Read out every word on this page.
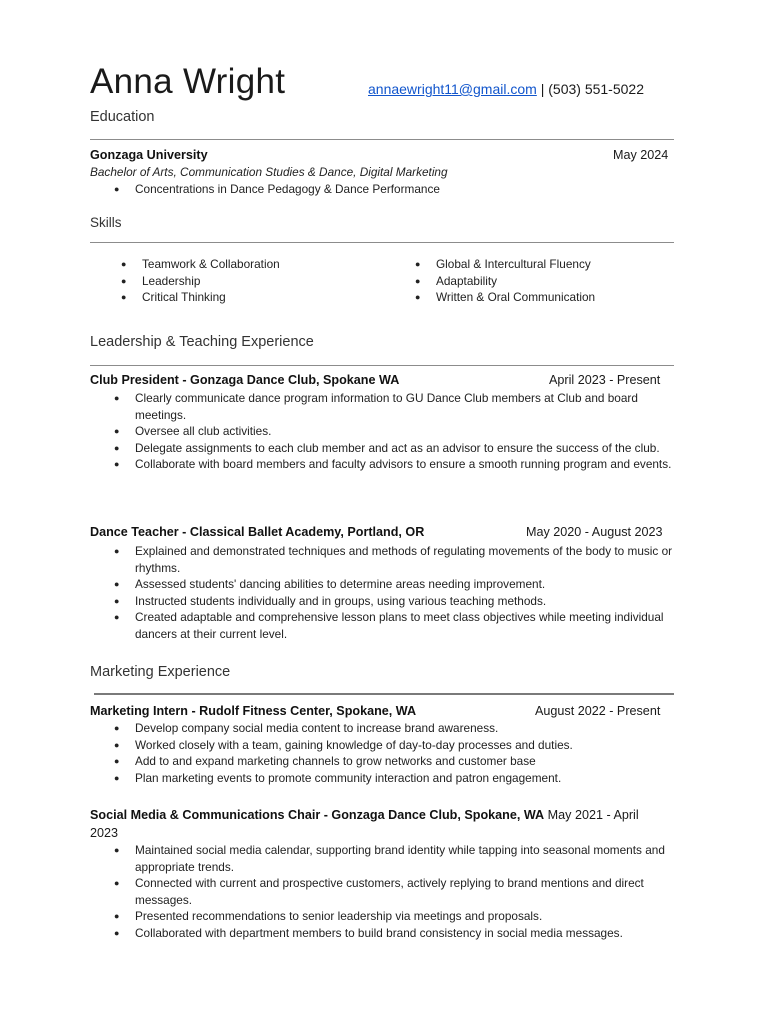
Anna Wright	annaewright11@gmail.com | (503) 551-5022
Education
Gonzaga University	May 2024
Bachelor of Arts, Communication Studies & Dance, Digital Marketing
● Concentrations in Dance Pedagogy & Dance Performance
Skills
● Teamwork & Collaboration
● Leadership
● Critical Thinking
● Global & Intercultural Fluency
● Adaptability
● Written & Oral Communication
Leadership & Teaching Experience
Club President - Gonzaga Dance Club, Spokane WA	April 2023 - Present
● Clearly communicate dance program information to GU Dance Club members at Club and board meetings.
● Oversee all club activities.
● Delegate assignments to each club member and act as an advisor to ensure the success of the club.
● Collaborate with board members and faculty advisors to ensure a smooth running program and events.
Dance Teacher - Classical Ballet Academy, Portland, OR	May 2020 - August 2023
● Explained and demonstrated techniques and methods of regulating movements of the body to music or rhythms.
● Assessed students' dancing abilities to determine areas needing improvement.
● Instructed students individually and in groups, using various teaching methods.
● Created adaptable and comprehensive lesson plans to meet class objectives while meeting individual dancers at their current level.
Marketing Experience
Marketing Intern - Rudolf Fitness Center, Spokane, WA	August 2022 - Present
● Develop company social media content to increase brand awareness.
● Worked closely with a team, gaining knowledge of day-to-day processes and duties.
● Add to and expand marketing channels to grow networks and customer base
● Plan marketing events to promote community interaction and patron engagement.
Social Media & Communications Chair - Gonzaga Dance Club, Spokane, WA May 2021 - April 2023
● Maintained social media calendar, supporting brand identity while tapping into seasonal moments and appropriate trends.
● Connected with current and prospective customers, actively replying to brand mentions and direct messages.
● Presented recommendations to senior leadership via meetings and proposals.
● Collaborated with department members to build brand consistency in social media messages.
